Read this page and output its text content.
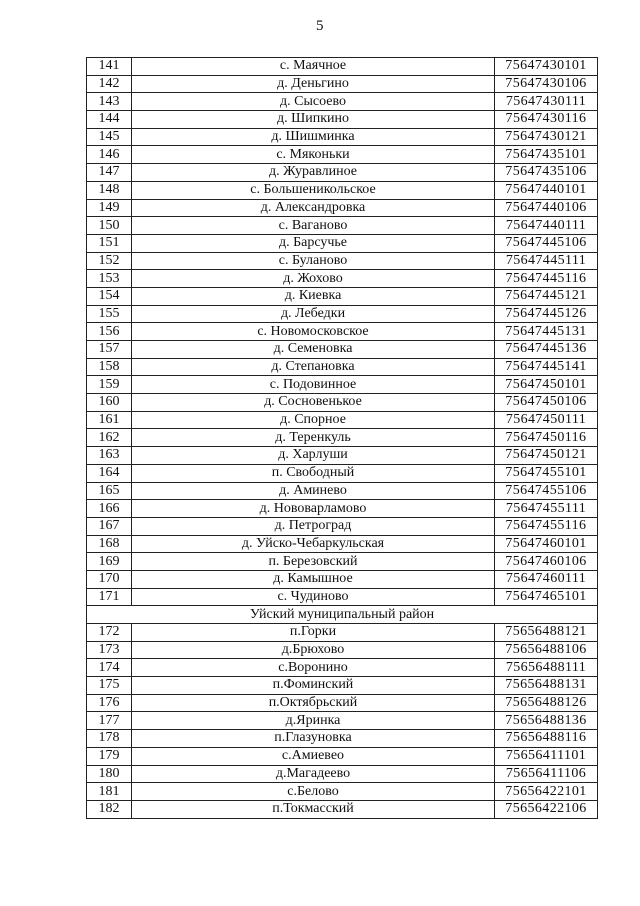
5
141	с. Маячное	75647430101
142	д. Деньгино	75647430106
143	д. Сысоево	75647430111
144	д. Шипкино	75647430116
145	д. Шишминка	75647430121
146	с. Мяконьки	75647435101
147	д. Журавлиное	75647435106
148	с. Большеникольское	75647440101
149	д. Александровка	75647440106
150	с. Ваганово	75647440111
151	д. Барсучье	75647445106
152	с. Буланово	75647445111
153	д. Жохово	75647445116
154	д. Киевка	75647445121
155	д. Лебедки	75647445126
156	с. Новомосковское	75647445131
157	д. Семеновка	75647445136
158	д. Степановка	75647445141
159	с. Подовинное	75647450101
160	д. Сосновенькое	75647450106
161	д. Спорное	75647450111
162	д. Теренкуль	75647450116
163	д. Харлуши	75647450121
164	п. Свободный	75647455101
165	д. Аминево	75647455106
166	д. Нововарламово	75647455111
167	д. Петроград	75647455116
168	д. Уйско-Чебаркульская	75647460101
169	п. Березовский	75647460106
170	д. Камышное	75647460111
171	с. Чудиново	75647465101
Уйский муниципальный район		
172	п.Горки	75656488121
173	д.Брюхово	75656488106
174	с.Воронино	75656488111
175	п.Фоминский	75656488131
176	п.Октябрьский	75656488126
177	д.Яринка	75656488136
178	п.Глазуновка	75656488116
179	с.Амиевео	75656411101
180	д.Магадеево	75656411106
181	с.Белово	75656422101
182	п.Токмасский	75656422106
